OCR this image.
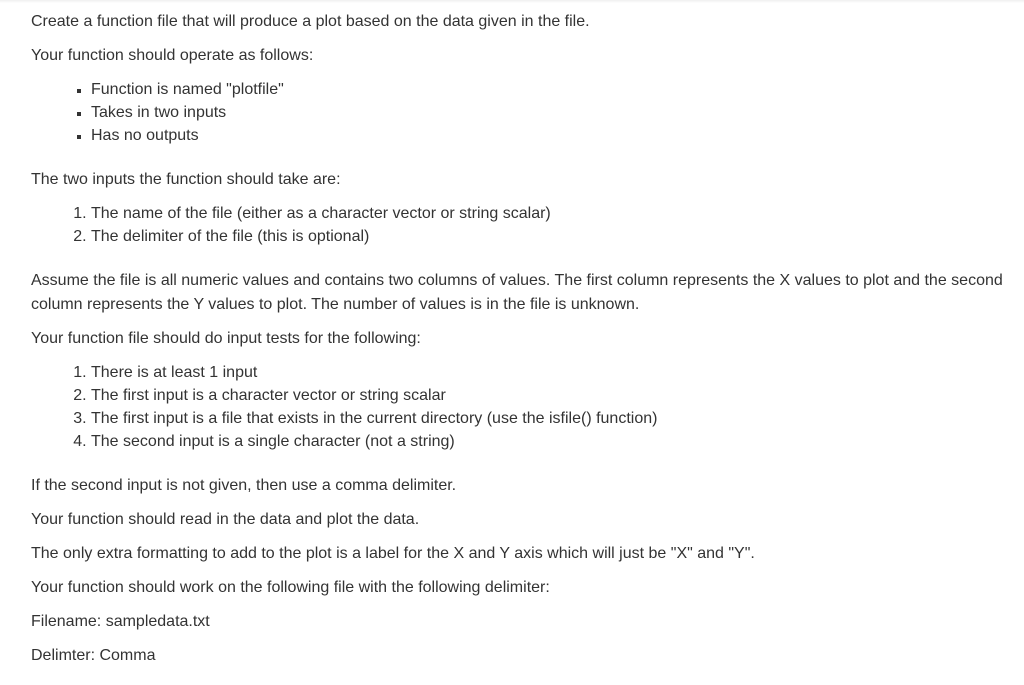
Create a function file that will produce a plot based on the data given in the file.

Your function should operate as follows:

▪ Function is named "plotfile"
▪ Takes in two inputs
▪ Has no outputs

The two inputs the function should take are:

1. The name of the file (either as a character vector or string scalar)
2. The delimiter of the file (this is optional)

Assume the file is all numeric values and contains two columns of values. The first column represents the X values to plot and the second column represents the Y values to plot. The number of values is in the file is unknown.

Your function file should do input tests for the following:

1. There is at least 1 input
2. The first input is a character vector or string scalar
3. The first input is a file that exists in the current directory (use the isfile() function)
4. The second input is a single character (not a string)

If the second input is not given, then use a comma delimiter.

Your function should read in the data and plot the data.

The only extra formatting to add to the plot is a label for the X and Y axis which will just be "X" and "Y".

Your function should work on the following file with the following delimiter:

Filename: sampledata.txt

Delimter: Comma
